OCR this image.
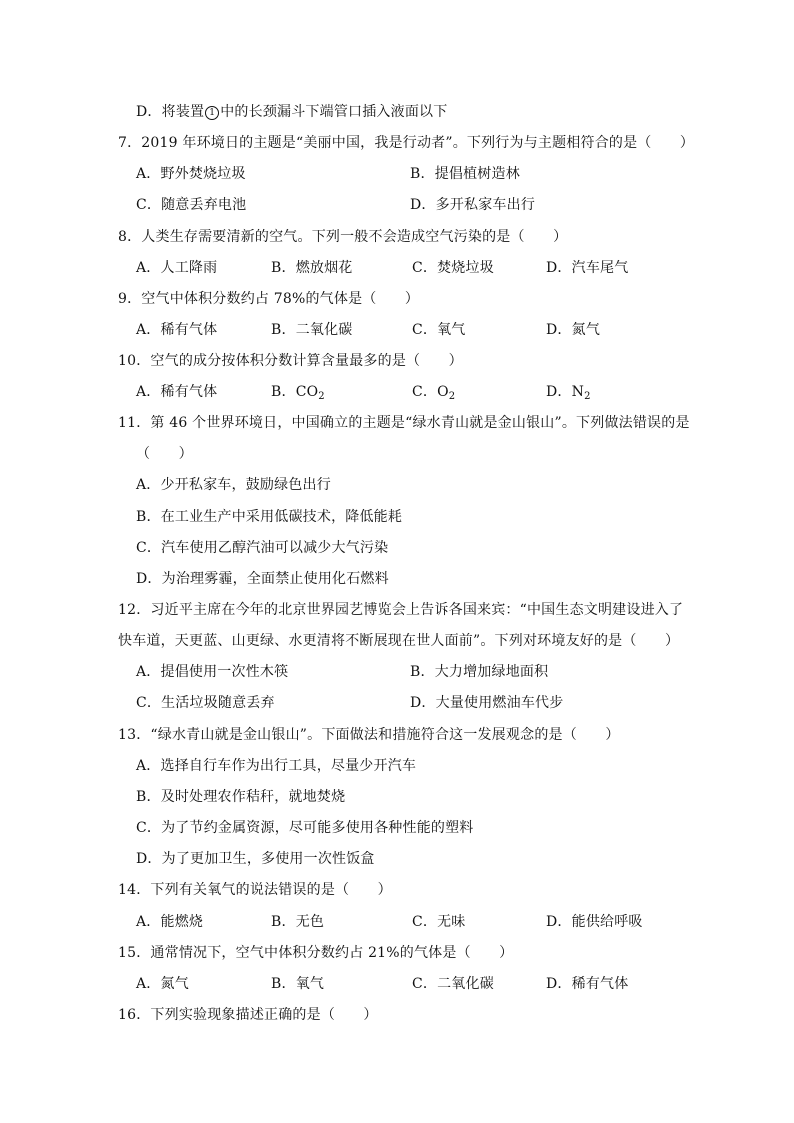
D．将装置 1 中的长颈漏斗下端管口插入液面以下
7．2019 年环境日的主题是“美丽中国，我是行动者”。下列行为与主题相符合的是（　　）
A．野外焚烧垃圾	B．提倡植树造林
C．随意丢弃电池	D．多开私家车出行
8．人类生存需要清新的空气。下列一般不会造成空气污染的是（　　）
A．人工降雨	B．燃放烟花	C．焚烧垃圾	D．汽车尾气
9．空气中体积分数约占 78%的气体是（　　）
A．稀有气体	B．二氧化碳	C．氧气	D．氮气
10．空气的成分按体积分数计算含量最多的是（　　）
A．稀有气体	B．$CO_2$	C．$O_2$	D．$N_2$
11．第 46 个世界环境日，中国确立的主题是“绿水青山就是金山银山”。下列做法错误的是
（　　）
A．少开私家车，鼓励绿色出行
B．在工业生产中采用低碳技术，降低能耗
C．汽车使用乙醇汽油可以减少大气污染
D．为治理雾霾，全面禁止使用化石燃料
12．习近平主席在今年的北京世界园艺博览会上告诉各国来宾：“中国生态文明建设进入了
快车道，天更蓝、山更绿、水更清将不断展现在世人面前”。下列对环境友好的是（　　）
A．提倡使用一次性木筷	B．大力增加绿地面积
C．生活垃圾随意丢弃	D．大量使用燃油车代步
13．“绿水青山就是金山银山”。下面做法和措施符合这一发展观念的是（　　）
A．选择自行车作为出行工具，尽量少开汽车
B．及时处理农作秸秆，就地焚烧
C．为了节约金属资源，尽可能多使用各种性能的塑料
D．为了更加卫生，多使用一次性饭盒
14．下列有关氧气的说法错误的是（　　）
A．能燃烧	B．无色	C．无味	D．能供给呼吸
15．通常情况下，空气中体积分数约占 21%的气体是（　　）
A．氮气	B．氧气	C．二氧化碳	D．稀有气体
16．下列实验现象描述正确的是（　　）
